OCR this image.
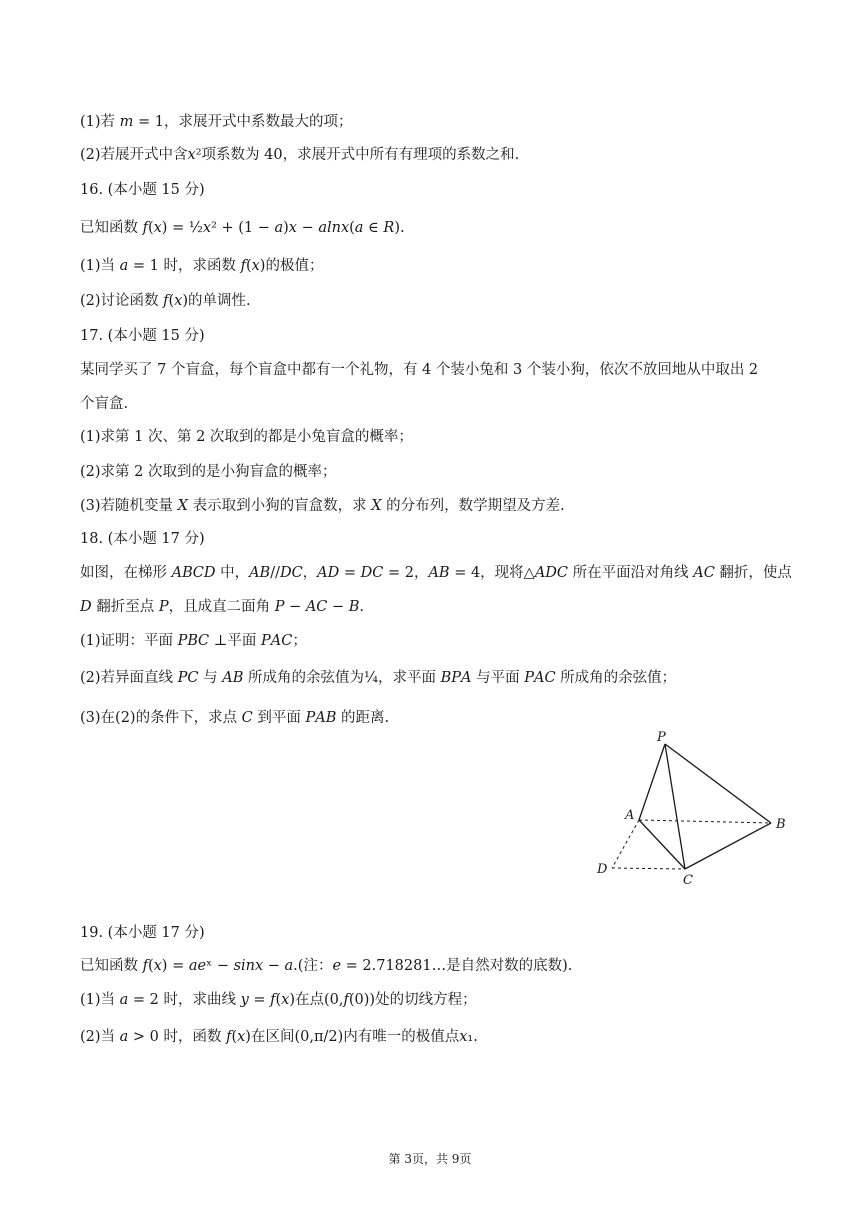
(1)若 𝑚 = 1，求展开式中系数最大的项；
(2)若展开式中含𝑥²项系数为 40，求展开式中所有有理项的系数之和.
16. (本小题 15 分)
已知函数 𝑓(𝑥) = ½𝑥² + (1 − 𝑎)𝑥 − 𝑎𝑙𝑛𝑥(𝑎 ∈ 𝑅).
(1)当 𝑎 = 1 时，求函数 𝑓(𝑥)的极值；
(2)讨论函数 𝑓(𝑥)的单调性.
17. (本小题 15 分)
某同学买了 7 个盲盒，每个盲盒中都有一个礼物，有 4 个装小兔和 3 个装小狗，依次不放回地从中取出 2
个盲盒.
(1)求第 1 次、第 2 次取到的都是小兔盲盒的概率；
(2)求第 2 次取到的是小狗盲盒的概率；
(3)若随机变量 𝑋 表示取到小狗的盲盒数，求 𝑋 的分布列，数学期望及方差.
18. (本小题 17 分)
如图，在梯形 𝐴𝐵𝐶𝐷 中，𝐴𝐵//𝐷𝐶，𝐴𝐷 = 𝐷𝐶 = 2，𝐴𝐵 = 4，现将△𝐴𝐷𝐶 所在平面沿对角线 𝐴𝐶 翻折，使点
𝐷 翻折至点 𝑃，且成直二面角 𝑃 − 𝐴𝐶 − 𝐵.
(1)证明：平面 𝑃𝐵𝐶 ⊥平面 𝑃𝐴𝐶；
(2)若异面直线 𝑃𝐶 与 𝐴𝐵 所成角的余弦值为¼，求平面 𝐵𝑃𝐴 与平面 𝑃𝐴𝐶 所成角的余弦值；
(3)在(2)的条件下，求点 𝐶 到平面 𝑃𝐴𝐵 的距离.
P
A
B
C
D
19. (本小题 17 分)
已知函数 𝑓(𝑥) = 𝑎𝑒ˣ − 𝑠𝑖𝑛𝑥 − 𝑎.(注：𝑒 = 2.718281…是自然对数的底数).
(1)当 𝑎 = 2 时，求曲线 𝑦 = 𝑓(𝑥)在点(0,𝑓(0))处的切线方程；
(2)当 𝑎 > 0 时，函数 𝑓(𝑥)在区间(0,π/2)内有唯一的极值点𝑥₁.
第 3页，共 9页
